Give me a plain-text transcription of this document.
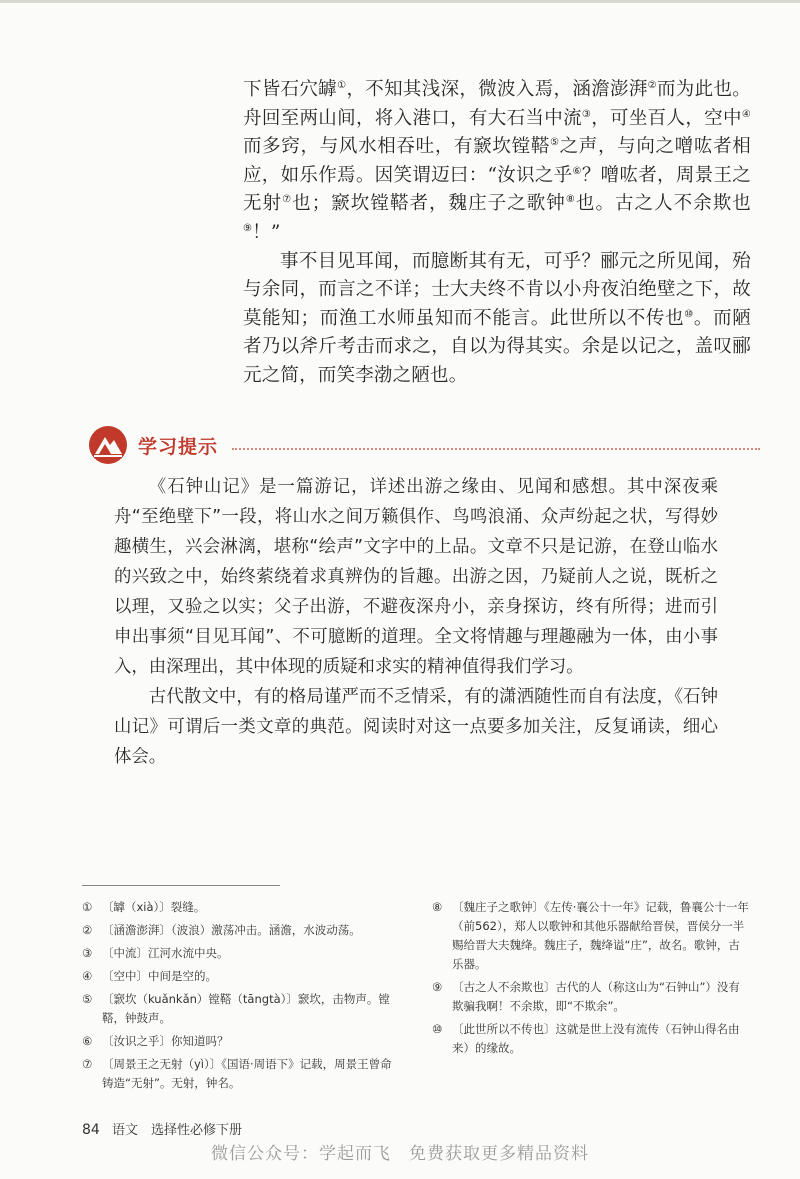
下皆石穴罅①，不知其浅深，微波入焉，涵澹澎湃②而为此也。舟回至两山间，将入港口，有大石当中流③，可坐百人，空中④而多窍，与风水相吞吐，有窾坎镗鞳⑤之声，与向之噌吰者相应，如乐作焉。因笑谓迈曰：“汝识之乎⑥？噌吰者，周景王之无射⑦也；窾坎镗鞳者，魏庄子之歌钟⑧也。古之人不余欺也⑨！”

事不目见耳闻，而臆断其有无，可乎？郦元之所见闻，殆与余同，而言之不详；士大夫终不肯以小舟夜泊绝壁之下，故莫能知；而渔工水师虽知而不能言。此世所以不传也⑩。而陋者乃以斧斤考击而求之，自以为得其实。余是以记之，盖叹郦元之简，而笑李渤之陋也。

学习提示

《石钟山记》是一篇游记，详述出游之缘由、见闻和感想。其中深夜乘舟“至绝壁下”一段，将山水之间万籁俱作、鸟鸣浪涌、众声纷起之状，写得妙趣横生，兴会淋漓，堪称“绘声”文字中的上品。文章不只是记游，在登山临水的兴致之中，始终萦绕着求真辨伪的旨趣。出游之因，乃疑前人之说，既析之以理，又验之以实；父子出游，不避夜深舟小，亲身探访，终有所得；进而引申出事须“目见耳闻”、不可臆断的道理。全文将情趣与理趣融为一体，由小事入，由深理出，其中体现的质疑和求实的精神值得我们学习。

古代散文中，有的格局谨严而不乏情采，有的潇洒随性而自有法度，《石钟山记》可谓后一类文章的典范。阅读时对这一点要多加关注，反复诵读，细心体会。

① 〔罅（xià）〕裂缝。
② 〔涵澹澎湃〕（波浪）激荡冲击。涵澹，水波动荡。
③ 〔中流〕江河水流中央。
④ 〔空中〕中间是空的。
⑤ 〔窾坎（kuǎnkǎn）镗鞳（tāngtà）〕窾坎，击物声。镗鞳，钟鼓声。
⑥ 〔汝识之乎〕你知道吗？
⑦ 〔周景王之无射（yì）〕《国语·周语下》记载，周景王曾命铸造“无射”。无射，钟名。
⑧ 〔魏庄子之歌钟〕《左传·襄公十一年》记载，鲁襄公十一年（前562），郑人以歌钟和其他乐器献给晋侯，晋侯分一半赐给晋大夫魏绛。魏庄子，魏绛谥“庄”，故名。歌钟，古乐器。
⑨ 〔古之人不余欺也〕古代的人（称这山为“石钟山”）没有欺骗我啊！不余欺，即“不欺余”。
⑩ 〔此世所以不传也〕这就是世上没有流传（石钟山得名由来）的缘故。
84 语文　选择性必修下册
微信公众号：学起而飞　免费获取更多精品资料
